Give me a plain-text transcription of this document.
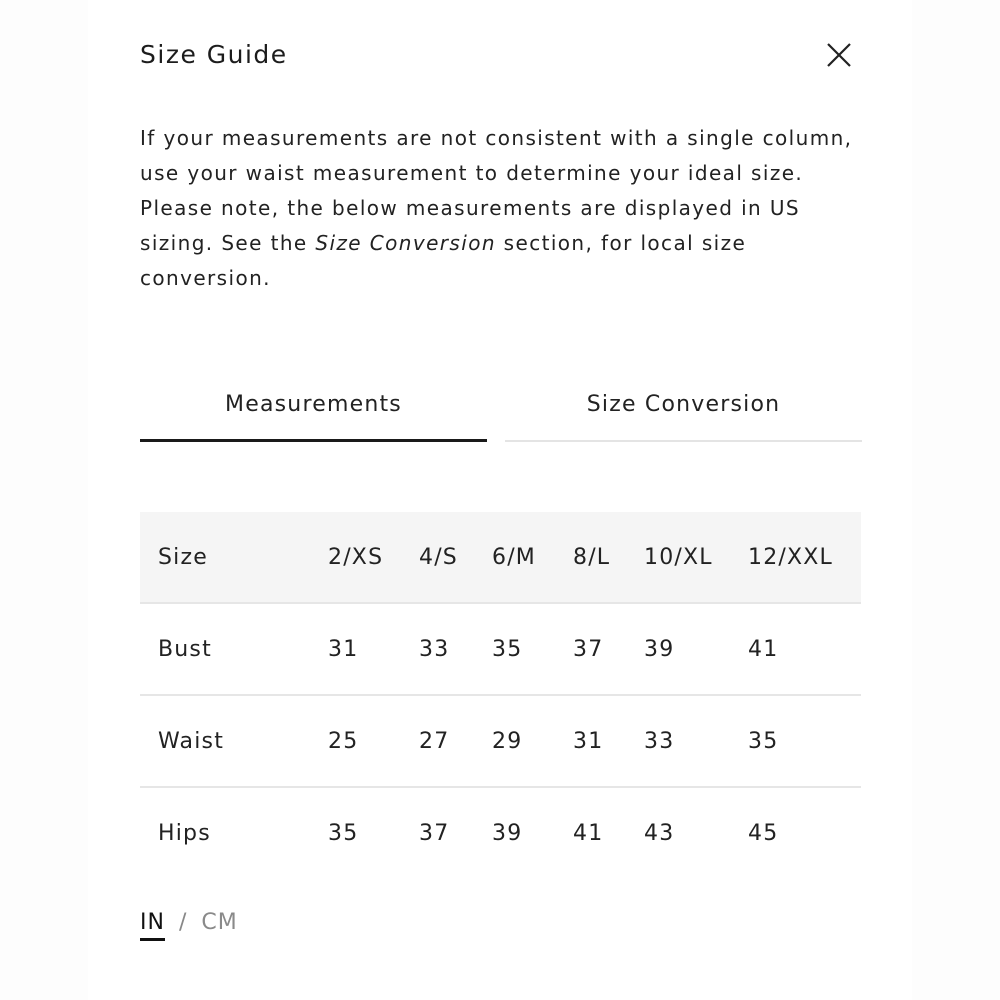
Size Guide

If your measurements are not consistent with a single column, use your waist measurement to determine your ideal size. Please note, the below measurements are displayed in US sizing. See the Size Conversion section, for local size conversion.

Measurements	Size Conversion
Size	2/XS	4/S	6/M	8/L	10/XL	12/XXL
Bust	31	33	35	37	39	41
Waist	25	27	29	31	33	35
Hips	35	37	39	41	43	45
IN / CM
